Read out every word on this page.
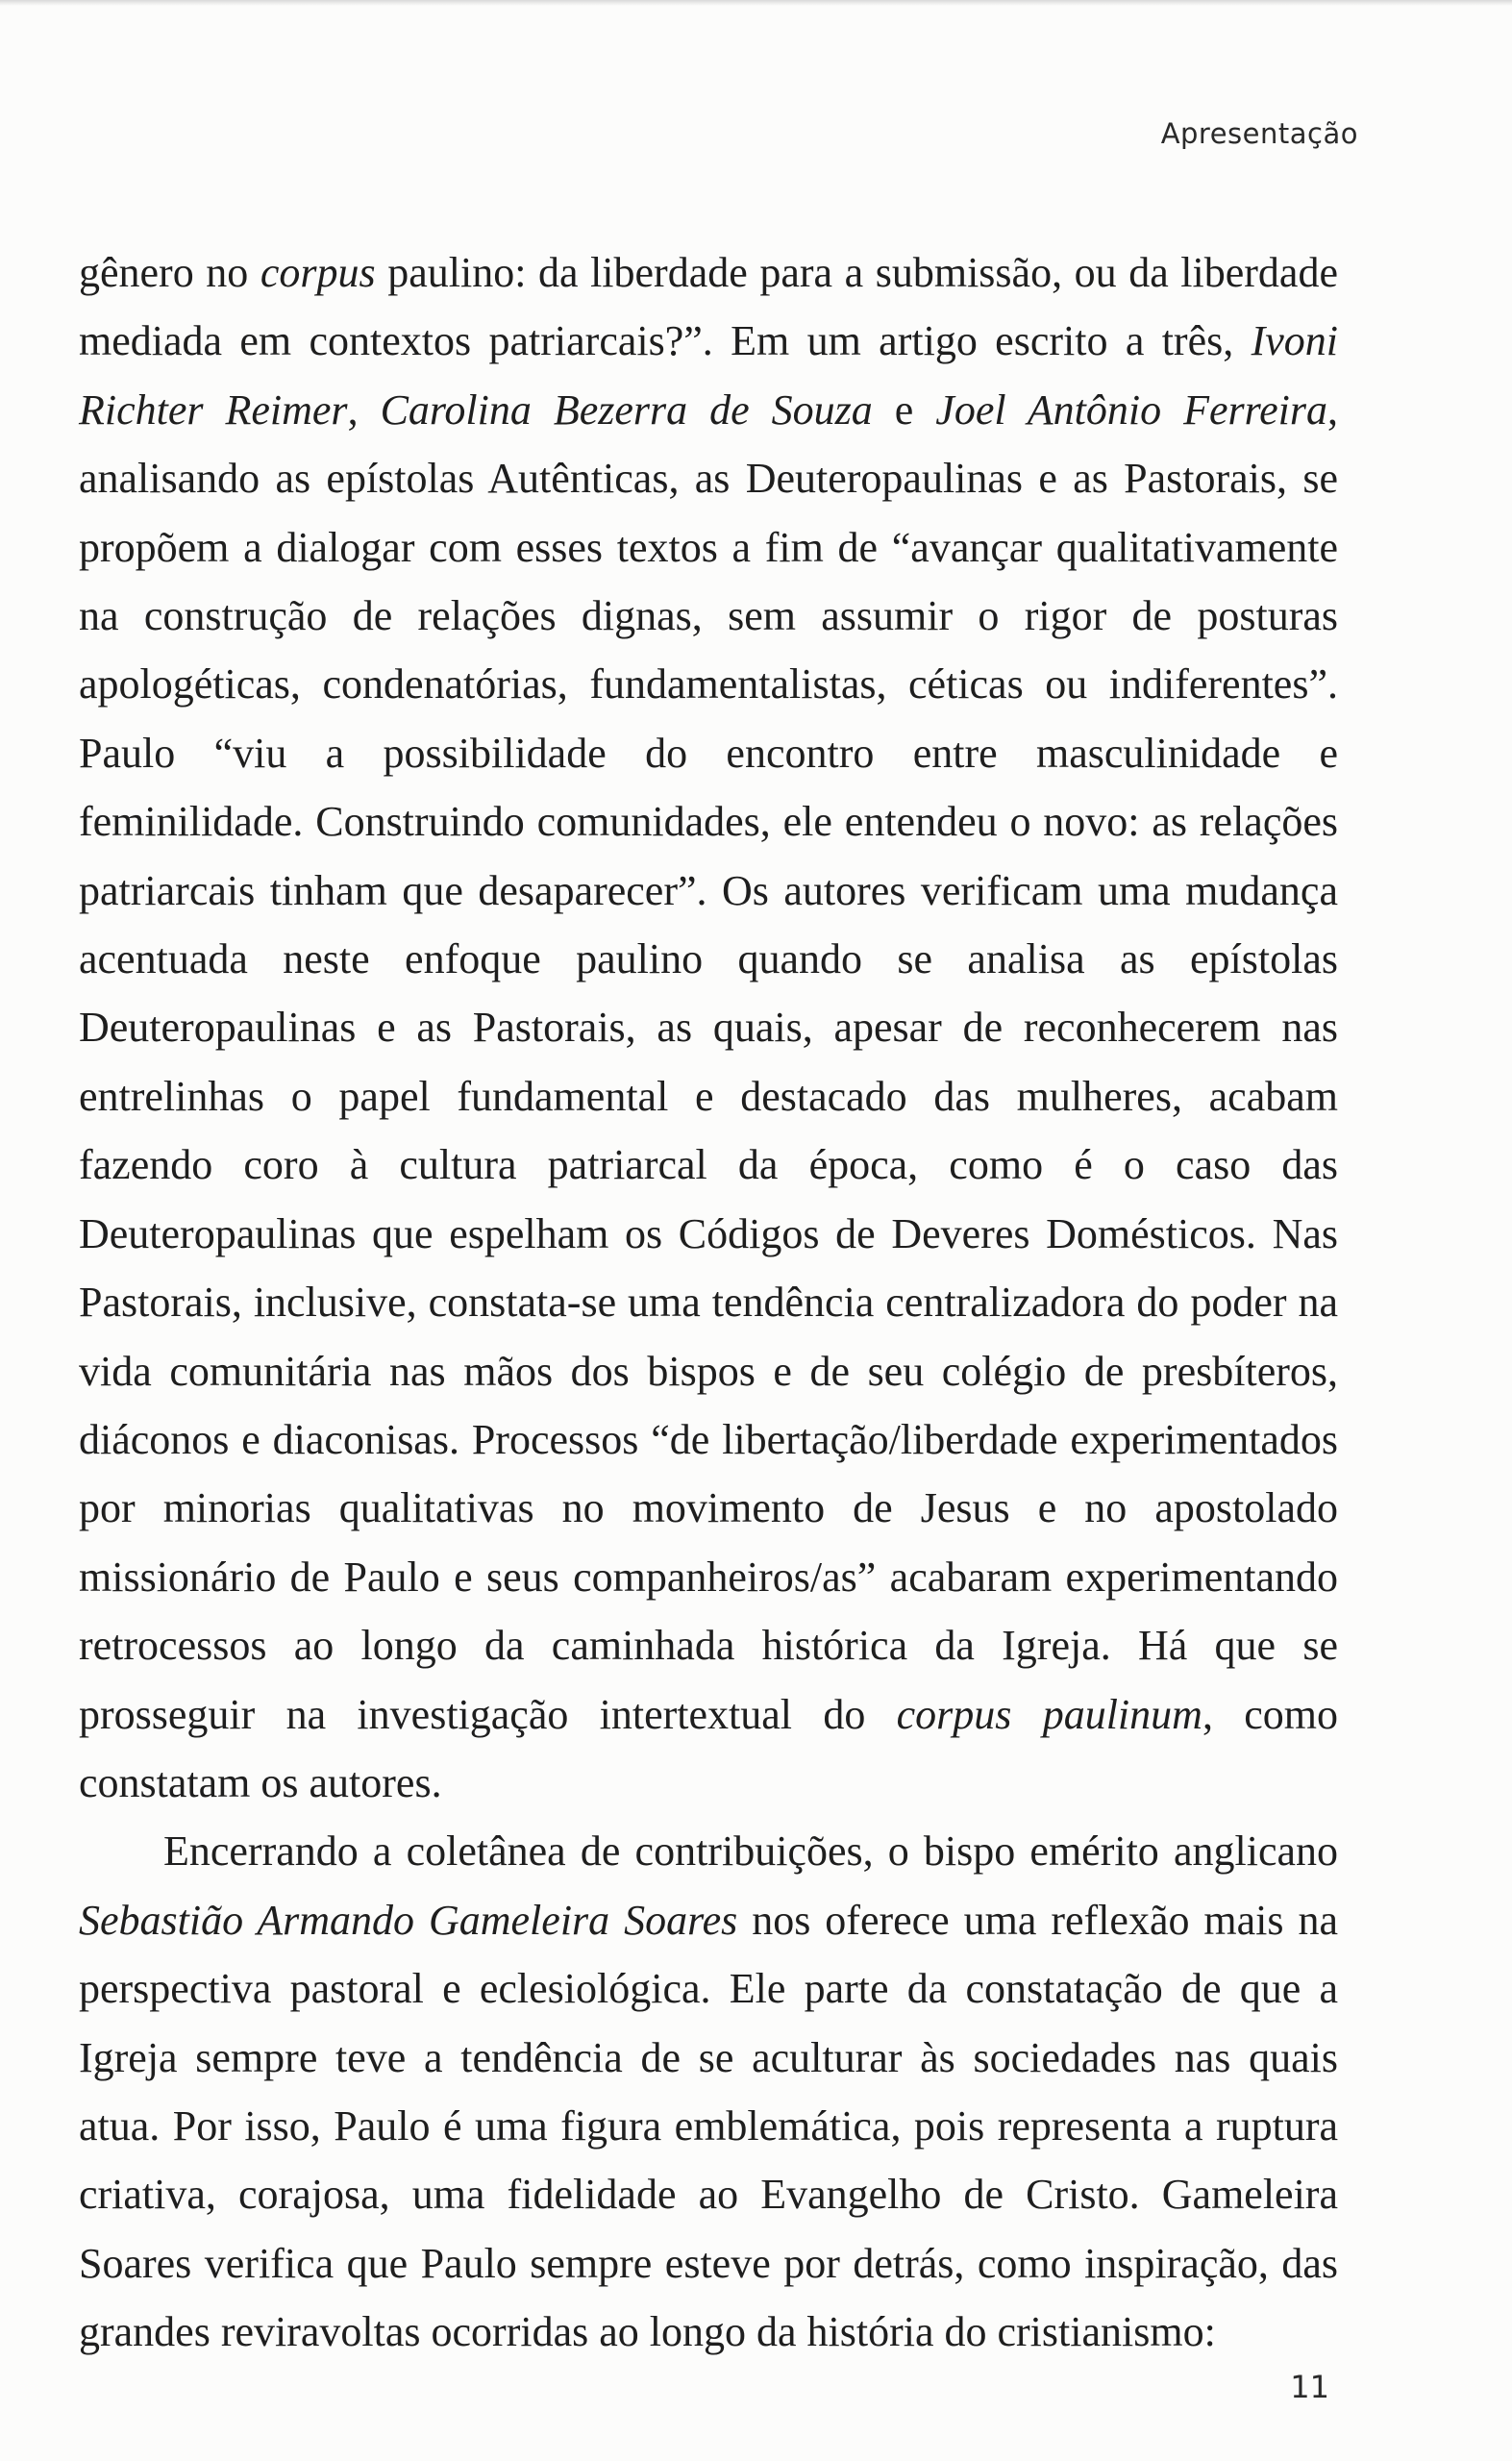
Apresentação

gênero no corpus paulino: da liberdade para a submissão, ou da liberdade mediada em contextos patriarcais?”. Em um artigo escrito a três, Ivoni Richter Reimer, Carolina Bezerra de Souza e Joel Antônio Ferreira, analisando as epístolas Autênticas, as Deuteropaulinas e as Pastorais, se propõem a dialogar com esses textos a fim de “avançar qualitativamente na construção de relações dignas, sem assumir o rigor de posturas apologéticas, condenatórias, fundamentalistas, céticas ou indiferentes”. Paulo “viu a possibilidade do encontro entre masculinidade e feminilidade. Construindo comunidades, ele entendeu o novo: as relações patriarcais tinham que desaparecer”. Os autores verificam uma mudança acentuada neste enfoque paulino quando se analisa as epístolas Deuteropaulinas e as Pastorais, as quais, apesar de reconhecerem nas entrelinhas o papel fundamental e destacado das mulheres, acabam fazendo coro à cultura patriarcal da época, como é o caso das Deuteropaulinas que espelham os Códigos de Deveres Domésticos. Nas Pastorais, inclusive, constata-se uma tendência centralizadora do poder na vida comunitária nas mãos dos bispos e de seu colégio de presbíteros, diáconos e diaconisas. Processos “de libertação/liberdade experimentados por minorias qualitativas no movimento de Jesus e no apostolado missionário de Paulo e seus companheiros/as” acabaram experimentando retrocessos ao longo da caminhada histórica da Igreja. Há que se prosseguir na investigação intertextual do corpus paulinum, como constatam os autores.

Encerrando a coletânea de contribuições, o bispo emérito anglicano Sebastião Armando Gameleira Soares nos oferece uma reflexão mais na perspectiva pastoral e eclesiológica. Ele parte da constatação de que a Igreja sempre teve a tendência de se aculturar às sociedades nas quais atua. Por isso, Paulo é uma figura emblemática, pois representa a ruptura criativa, corajosa, uma fidelidade ao Evangelho de Cristo. Gameleira Soares verifica que Paulo sempre esteve por detrás, como inspiração, das grandes reviravoltas ocorridas ao longo da história do cristianismo:

11
